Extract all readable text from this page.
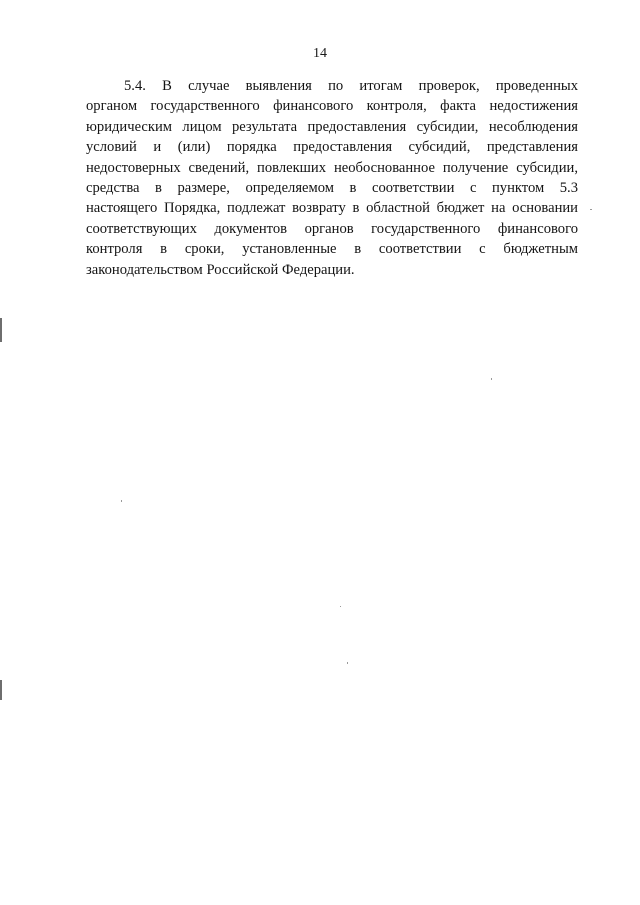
14
5.4. В случае выявления по итогам проверок, проведенных
органом государственного финансового контроля, факта недостижения
юридическим лицом результата предоставления субсидии, несоблюдения
условий и (или) порядка предоставления субсидий, представления
недостоверных сведений, повлекших необоснованное получение субсидии,
средства в размере, определяемом в соответствии с пунктом 5.3
настоящего Порядка, подлежат возврату в областной бюджет на основании
соответствующих документов органов государственного финансового
контроля в сроки, установленные в соответствии с бюджетным
законодательством Российской Федерации.
